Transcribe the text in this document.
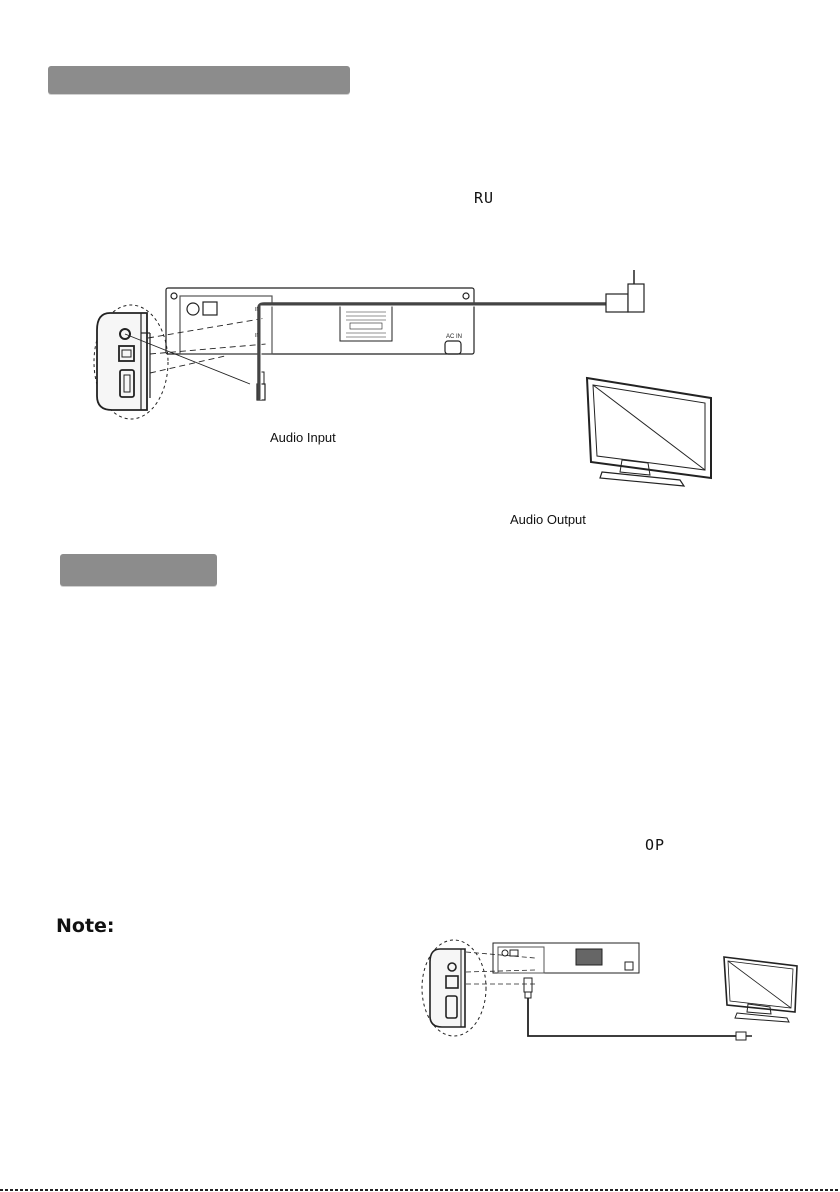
RU
OP
IN
IN	AC IN
Audio Input
Audio Output
Note:
